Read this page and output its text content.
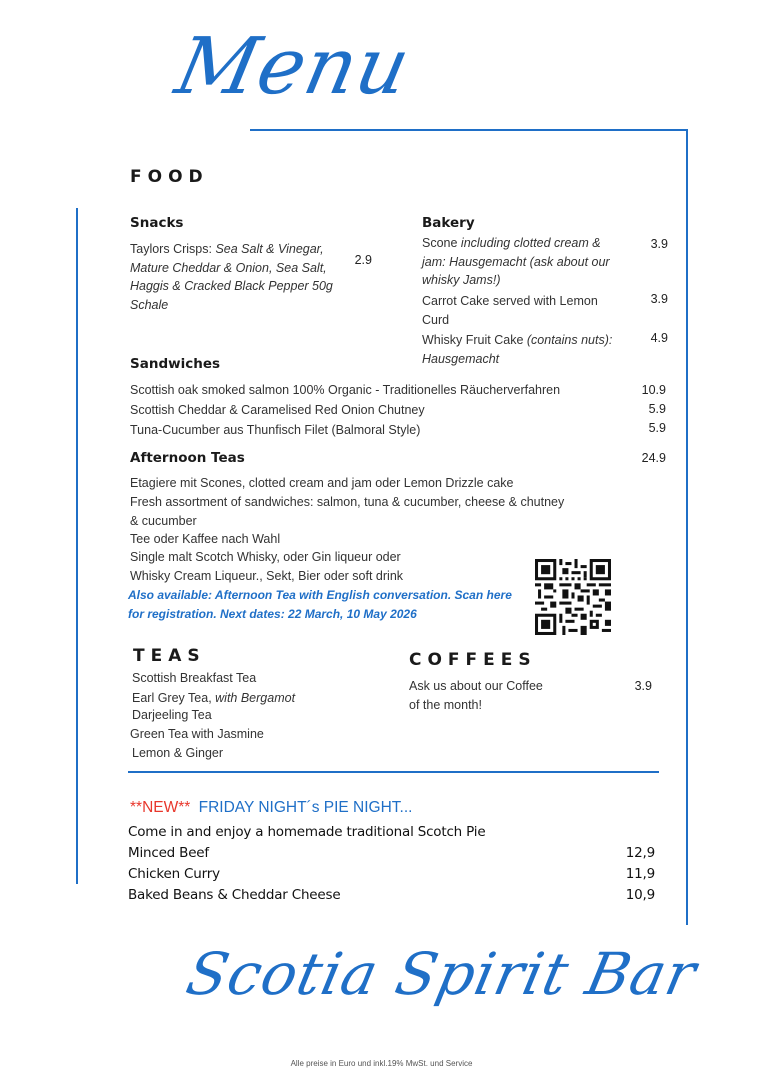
Menu
FOOD
Snacks
Taylors Crisps: Sea Salt & Vinegar, Mature Cheddar & Onion, Sea Salt, Haggis & Cracked Black Pepper 50g Schale
2.9
Bakery
Scone including clotted cream & jam: Hausgemacht (ask about our whisky Jams!)
3.9
Carrot Cake served with Lemon Curd
3.9
Whisky Fruit Cake (contains nuts): Hausgemacht
4.9
Sandwiches
Scottish oak smoked salmon 100% Organic - Traditionelles Räucherverfahren	10.9
Scottish Cheddar & Caramelised Red Onion Chutney	5.9
Tuna-Cucumber aus Thunfisch Filet (Balmoral Style)	5.9
Afternoon Teas	24.9
Etagiere mit Scones, clotted cream and jam oder Lemon Drizzle cake
Fresh assortment of sandwiches: salmon, tuna & cucumber, cheese & chutney
& cucumber
Tee oder Kaffee nach Wahl
Single malt Scotch Whisky, oder Gin liqueur oder
Whisky Cream Liqueur., Sekt, Bier oder soft drink
Also available: Afternoon Tea with English conversation. Scan here
for registration. Next dates: 22 March, 10 May 2026
TEAS
Scottish Breakfast Tea
Earl Grey Tea, with Bergamot
Darjeeling Tea
Green Tea with Jasmine
Lemon & Ginger
COFFEES
Ask us about our Coffee
of the month!
3.9
**NEW** FRIDAY NIGHT´s PIE NIGHT...
Come in and enjoy a homemade traditional Scotch Pie
Minced Beef	12,9
Chicken Curry	11,9
Baked Beans & Cheddar Cheese	10,9
Scotia Spirit Bar
Alle preise in Euro und inkl.19% MwSt. und Service
